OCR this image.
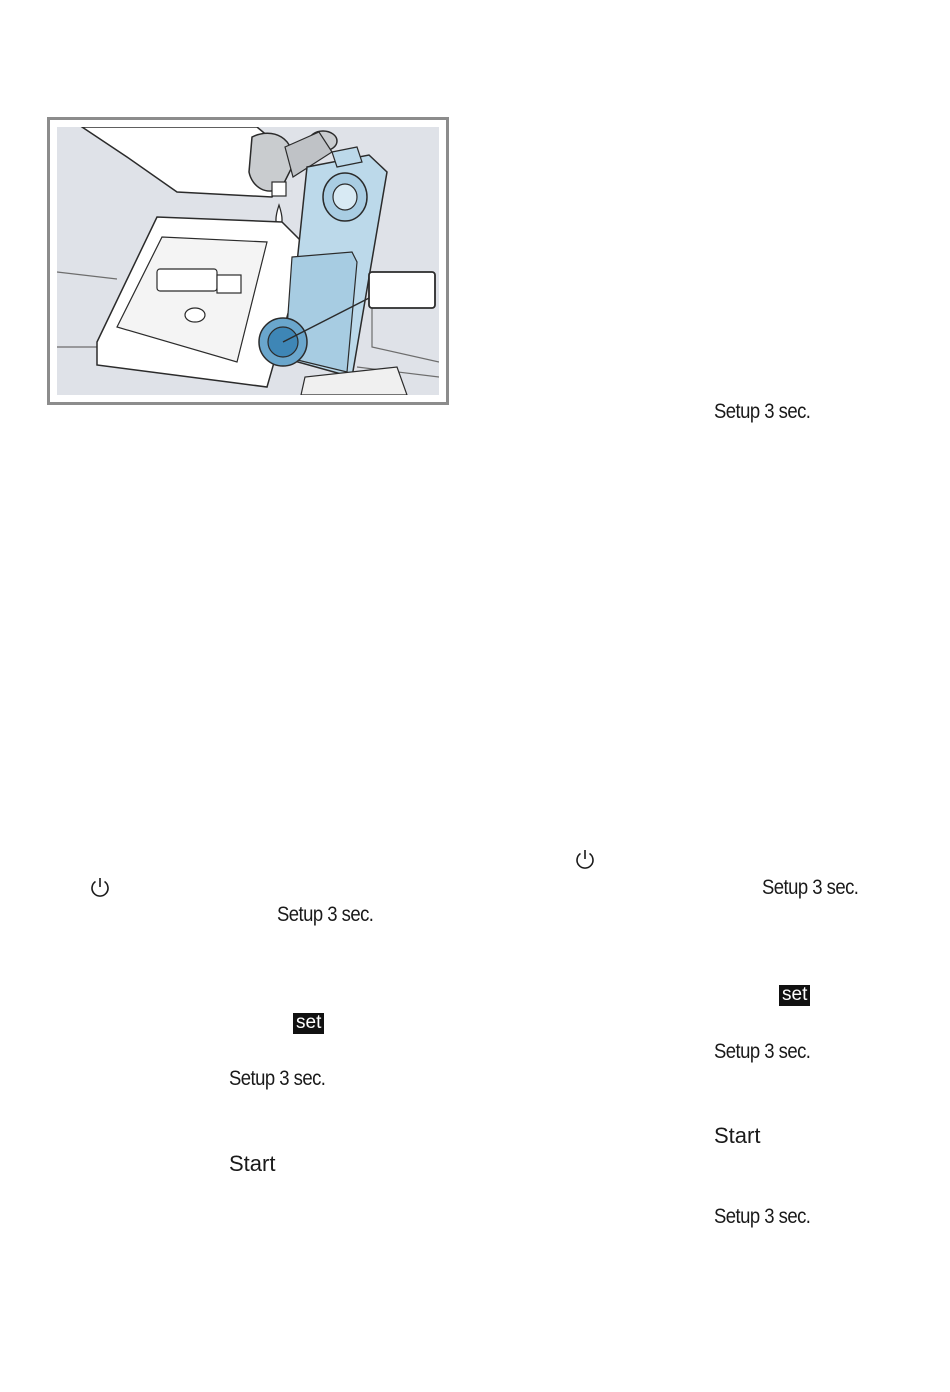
Setup 3 sec.
Setup 3 sec.
set
Setup 3 sec.
Start
Setup 3 sec.
set
Setup 3 sec.
Start
Setup 3 sec.
